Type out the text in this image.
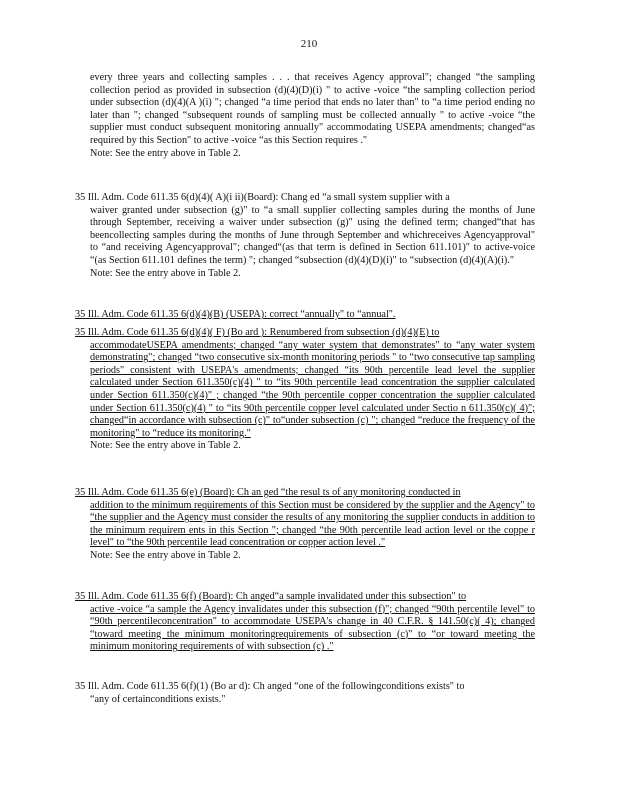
210
every three years and collecting samples . . . that receives Agency approval"; changed “the sampling collection period as provided in subsection (d)(4)(D)(i) " to active -voice “the sampling collection period under subsection (d)(4)(A )(i) "; changed “a time period that ends no later than" to “a time period ending no later than "; changed “subsequent rounds of sampling must be collected annually " to active -voice “the supplier must conduct subsequent monitoring annually" accommodating USEPA amendments; changed“as required by this Section" to active -voice “as this Section requires ."
Note: See the entry above in Table 2.
35 Ill. Adm. Code 611.35 6(d)(4)( A)(i ii)(Board): Chang ed “a small system supplier with a
waiver granted under subsection (g)" to “a small supplier collecting samples during the months of June through September, receiving a waiver under subsection (g)" using the defined term; changed“that has beencollecting samples during the months of June through September and whichreceives Agencyapproval" to “and receiving Agencyapproval"; changed“(as that term is defined in Section 611.101)" to active-voice “(as Section 611.101 defines the term) "; changed “subsection (d)(4)(D)(i)" to “subsection (d)(4)(A)(i)."
Note: See the entry above in Table 2.
35 Ill. Adm. Code 611.35 6(d)(4)(B) (USEPA): correct “annually" to “annual".
35 Ill. Adm. Code 611.35 6(d)(4)( F) (Bo ard ): Renumbered from subsection (d)(4)(E) to
accommodateUSEPA amendments; changed “any water system that demonstrates" to “any water system demonstrating"; changed “two consecutive six-month monitoring periods " to “two consecutive tap sampling periods" consistent with USEPA's amendments; changed “its 90th percentile lead level the supplier calculated under Section 611.350(c)(4) " to “its 90th percentile lead concentration the supplier calculated under Section 611.350(c)(4)" ; changed “the 90th percentile copper concentration the supplier calculated under Section 611.350(c)(4) " to “its 90th percentile copper level calculated under Sectio n 611.350(c)( 4)"; changed“in accordance with subsection (c)" to“under subsection (c) "; changed “reduce the frequency of the monitoring" to “reduce its monitoring."
Note: See the entry above in Table 2.
35 Ill. Adm. Code 611.35 6(e) (Board): Ch an ged “the resul ts of any monitoring conducted in
addition to the minimum requirements of this Section must be considered by the supplier and the Agency" to “the supplier and the Agency must consider the results of any monitoring the supplier conducts in addition to the minimum requirem ents in this Section "; changed “the 90th percentile lead action level or the coppe r level" to “the 90th percentile lead concentration or copper action level ."
Note: See the entry above in Table 2.
35 Ill. Adm. Code 611.35 6(f) (Board): Ch anged“a sample invalidated under this subsection" to
active -voice “a sample the Agency invalidates under this subsection (f)"; changed “90th percentile level" to “90th percentileconcentration" to accommodate USEPA's change in 40 C.F.R. § 141.50(c)( 4); changed “toward meeting the minimum monitoringrequirements of subsection (c)" to “or toward meeting the minimum monitoring requirements of with subsection (c) ."
35 Ill. Adm. Code 611.35 6(f)(1) (Bo ar d): Ch anged “one of the followingconditions exists" to
“any of certainconditions exists."
